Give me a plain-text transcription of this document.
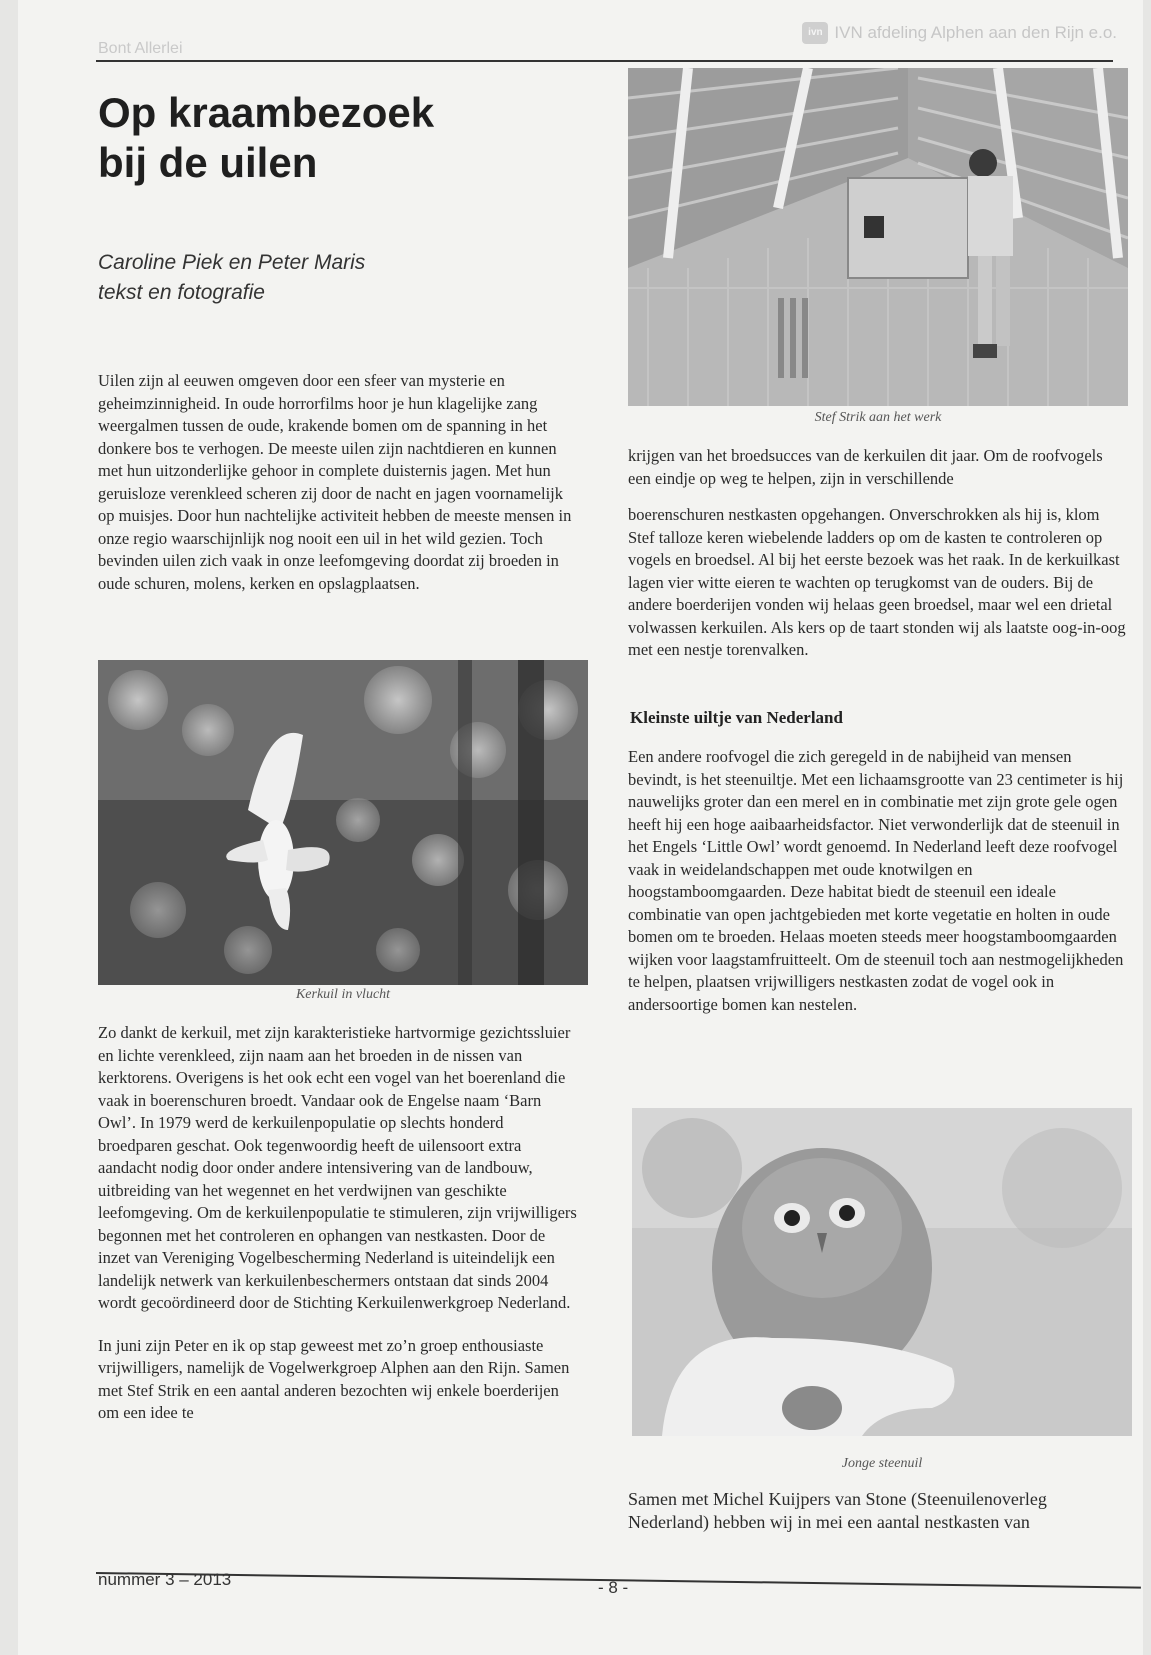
Bont Allerlei
ivn IVN afdeling Alphen aan den Rijn e.o.
Op kraambezoek
bij de uilen
Caroline Piek en Peter Maris
tekst en fotografie

Uilen zijn al eeuwen omgeven door een sfeer van mysterie en geheimzinnigheid. In oude horrorfilms hoor je hun klagelijke zang weergalmen tussen de oude, krakende bomen om de spanning in het donkere bos te verhogen. De meeste uilen zijn nachtdieren en kunnen met hun uitzonderlijke gehoor in complete duisternis jagen. Met hun geruisloze verenkleed scheren zij door de nacht en jagen voornamelijk op muisjes. Door hun nachtelijke activiteit hebben de meeste mensen in onze regio waarschijnlijk nog nooit een uil in het wild gezien. Toch bevinden uilen zich vaak in onze leefomgeving doordat zij broeden in oude schuren, molens, kerken en opslagplaatsen.

Kerkuil in vlucht

Zo dankt de kerkuil, met zijn karakteristieke hartvormige gezichtssluier en lichte verenkleed, zijn naam aan het broeden in de nissen van kerktorens. Overigens is het ook echt een vogel van het boerenland die vaak in boerenschuren broedt. Vandaar ook de Engelse naam ‘Barn Owl’. In 1979 werd de kerkuilenpopulatie op slechts honderd broedparen geschat. Ook tegenwoordig heeft de uilensoort extra aandacht nodig door onder andere intensivering van de landbouw, uitbreiding van het wegennet en het verdwijnen van geschikte leefomgeving. Om de kerkuilenpopulatie te stimuleren, zijn vrijwilligers begonnen met het controleren en ophangen van nestkasten. Door de inzet van Vereniging Vogelbescherming Nederland is uiteindelijk een landelijk netwerk van kerkuilenbeschermers ontstaan dat sinds 2004 wordt gecoördineerd door de Stichting Kerkuilenwerkgroep Nederland.

In juni zijn Peter en ik op stap geweest met zo’n groep enthousiaste vrijwilligers, namelijk de Vogelwerkgroep Alphen aan den Rijn. Samen met Stef Strik en een aantal anderen bezochten wij enkele boerderijen om een idee te

Stef Strik aan het werk

krijgen van het broedsucces van de kerkuilen dit jaar. Om de roofvogels een eindje op weg te helpen, zijn in verschillende

boerenschuren nestkasten opgehangen. Onverschrokken als hij is, klom Stef talloze keren wiebelende ladders op om de kasten te controleren op vogels en broedsel. Al bij het eerste bezoek was het raak. In de kerkuilkast lagen vier witte eieren te wachten op terugkomst van de ouders. Bij de andere boerderijen vonden wij helaas geen broedsel, maar wel een drietal volwassen kerkuilen. Als kers op de taart stonden wij als laatste oog-in-oog met een nestje torenvalken.

Kleinste uiltje van Nederland

Een andere roofvogel die zich geregeld in de nabijheid van mensen bevindt, is het steenuiltje. Met een lichaamsgrootte van 23 centimeter is hij nauwelijks groter dan een merel en in combinatie met zijn grote gele ogen heeft hij een hoge aaibaarheidsfactor. Niet verwonderlijk dat de steenuil in het Engels ‘Little Owl’ wordt genoemd. In Nederland leeft deze roofvogel vaak in weidelandschappen met oude knotwilgen en hoogstamboomgaarden. Deze habitat biedt de steenuil een ideale combinatie van open jachtgebieden met korte vegetatie en holten in oude bomen om te broeden. Helaas moeten steeds meer hoogstamboomgaarden wijken voor laagstamfruitteelt. Om de steenuil toch aan nestmogelijkheden te helpen, plaatsen vrijwilligers nestkasten zodat de vogel ook in andersoortige bomen kan nestelen.

Jonge steenuil

Samen met Michel Kuijpers van Stone (Steenuilenoverleg Nederland) hebben wij in mei een aantal nestkasten van

nummer 3 – 2013	- 8 -
